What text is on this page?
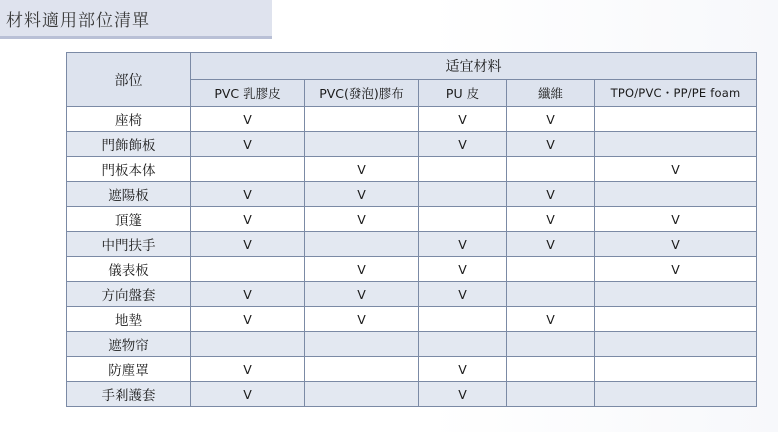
材料適用部位清單
部位	适宜材料				
	PVC 乳膠皮	PVC(發泡)膠布	PU 皮	纖維	TPO/PVC・PP/PE foam
座椅	V		V	V	
門飾飾板	V		V	V	
門板本体		V			V
遮陽板	V	V		V	
頂篷	V	V		V	V
中門扶手	V		V	V	V
儀表板		V	V		V
方向盤套	V	V	V		
地墊	V	V		V	
遮物帘					
防塵罩	V		V		
手剎護套	V		V		
